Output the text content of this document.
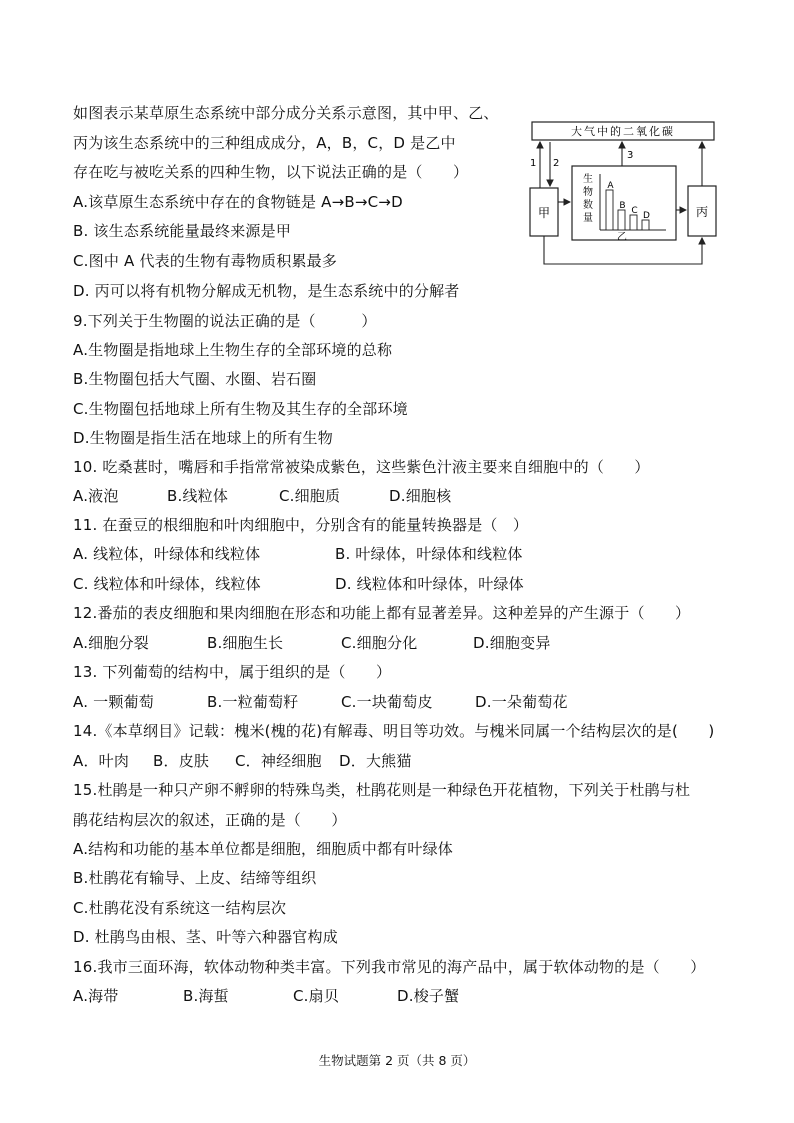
如图表示某草原生态系统中部分成分关系示意图，其中甲、乙、
丙为该生态系统中的三种组成成分，A，B，C，D 是乙中
存在吃与被吃关系的四种生物，以下说法正确的是（　　）
A.该草原生态系统中存在的食物链是 A→B→C→D
B. 该生态系统能量最终来源是甲
C.图中 A 代表的生物有毒物质积累最多
D. 丙可以将有机物分解成无机物，是生态系统中的分解者
大气中的二氧化碳
甲	丙
1 2
3
生
物
数
量
A
B C D
乙
9.下列关于生物圈的说法正确的是（　　　）
A.生物圈是指地球上生物生存的全部环境的总称
B.生物圈包括大气圈、水圈、岩石圈
C.生物圈包括地球上所有生物及其生存的全部环境
D.生物圈是指生活在地球上的所有生物
10. 吃桑葚时，嘴唇和手指常常被染成紫色，这些紫色汁液主要来自细胞中的（　　）
A.液泡	B.线粒体	C.细胞质	D.细胞核
11. 在蚕豆的根细胞和叶肉细胞中，分别含有的能量转换器是（　）
A. 线粒体，叶绿体和线粒体	B. 叶绿体，叶绿体和线粒体
C. 线粒体和叶绿体，线粒体	D. 线粒体和叶绿体，叶绿体
12.番茄的表皮细胞和果肉细胞在形态和功能上都有显著差异。这种差异的产生源于（　　）
A.细胞分裂	B.细胞生长	C.细胞分化	D.细胞变异
13. 下列葡萄的结构中，属于组织的是（　　）
A. 一颗葡萄	B.一粒葡萄籽	C.一块葡萄皮	D.一朵葡萄花
14.《本草纲目》记载：槐米(槐的花)有解毒、明目等功效。与槐米同属一个结构层次的是(　　)
A．叶肉 B．皮肤 C．神经细胞 D．大熊猫
15.杜鹃是一种只产卵不孵卵的特殊鸟类，杜鹃花则是一种绿色开花植物，下列关于杜鹃与杜
鹃花结构层次的叙述，正确的是（　　）
A.结构和功能的基本单位都是细胞，细胞质中都有叶绿体
B.杜鹃花有输导、上皮、结缔等组织
C.杜鹃花没有系统这一结构层次
D. 杜鹃鸟由根、茎、叶等六种器官构成
16.我市三面环海，软体动物种类丰富。下列我市常见的海产品中，属于软体动物的是（　　）
A.海带	B.海蜇	C.扇贝	D.梭子蟹
生物试题第 2 页（共 8 页）
